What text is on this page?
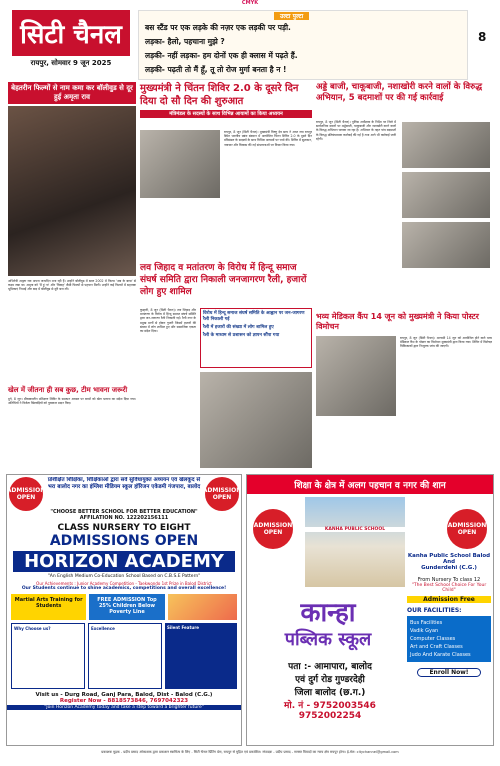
CMYK
सिटी चैनल
रायपुर, सोमवार 9 जून 2025
उल्टा पुल्टा
बस स्टैंड पर एक लड़के की नज़र एक लड़की पर पड़ी.
लड़का- हैलो, पहचाना मुझे ?
लड़की- नहीं लड़का- हम दोनों एक ही क्लास में पढ़ते हैं.
लड़की- पढ़ती तो मैं हूँ, तू तो रोज मुर्गा बनता है न !
8
बेहतरीन फिल्मों से नाम कमा कर बॉलीवुड से दूर हुई अमृता राव
अभिनेत्री अमृता राव अपना जन्मदिन मना रही हैं। उन्होंने बॉलीवुड में साल 2002 में फिल्म 'अब के बरस' से कदम रखा था। अमृता को 'मैं हूं ना' और 'विवाह' जैसी फिल्मों से पहचान मिली। उन्होंने कई फिल्मों में सहायक भूमिकाएं निभाईं और बाद में बॉलीवुड से दूरी बना ली।
खेल में जीतना ही सब कुछ, टीम भावना जरूरी
दुर्ग, 8 जून। ग्रीष्मकालीन प्रशिक्षण शिविर के समापन अवसर पर बच्चों को खेल भावना का संदेश दिया गया। अतिथियों ने विजेता खिलाड़ियों को पुरस्कार प्रदान किए।
मुख्यमंत्री ने चिंतन शिविर 2.0 के दूसरे दिन दिया दो सौ दिन की शुरुआत
मंत्रिमंडल के सदस्यों के साथ विभिन्न आयामों का किया अध्ययन
रायपुर, 8 जून (सिटी चैनल)। मुख्यमंत्री विष्णु देव साय ने आज नवा रायपुर स्थित भारतीय प्रबंध संस्थान में आयोजित चिंतन शिविर 2.0 के दूसरे दिन मंत्रिमंडल के सदस्यों के साथ विभिन्न आयामों पर चर्चा की। शिविर में सुशासन, नवाचार और विकास की नई संभावनाओं पर विचार किया गया।
अड्डे बाजी, चाकूबाजी, नशाखोरी करने वालों के विरुद्ध अभियान, 5 बदमाशों पर की गई कार्रवाई
रायपुर, 8 जून (सिटी चैनल)। पुलिस अधीक्षक के निर्देश पर जिले में सार्वजनिक स्थानों पर अड्डेबाजी, चाकूबाजी और नशाखोरी करने वालों के विरुद्ध अभियान चलाया जा रहा है। अभियान के तहत पांच बदमाशों के विरुद्ध प्रतिबंधात्मक कार्रवाई की गई है तथा आगे भी कार्रवाई जारी रहेगी।
लव जिहाद व मतांतरण के विरोध में हिन्दू समाज संघर्ष समिति द्वारा निकाली जनजागरण रैली, हजारों लोग हुए शामिल
कुम्हारी, 8 जून (सिटी चैनल)। लव जिहाद और मतांतरण के विरोध में हिन्दू समाज संघर्ष समिति द्वारा जन-जागरण रैली निकाली गई। रैली नगर के प्रमुख मार्गों से होकर गुजरी जिसमें हजारों की संख्या में लोग शामिल हुए और सामाजिक एकता का संदेश दिया।
विरोध में हिन्दू समाज संघर्ष समिति के आह्वान पर जन-जागरण रैली निकाली गई
रैली में हजारों की संख्या में लोग शामिल हुए
रैली के माध्यम से प्रशासन को ज्ञापन सौंपा गया
भव्य मेडिकल कैंप 14 जून को मुख्यमंत्री ने किया पोस्टर विमोचन
रायपुर, 8 जून (सिटी चैनल)। आगामी 14 जून को आयोजित होने वाले भव्य मेडिकल कैंप के पोस्टर का विमोचन मुख्यमंत्री द्वारा किया गया। शिविर में विशेषज्ञ चिकित्सकों द्वारा निःशुल्क जांच की जाएगी।
प्रशिक्षित शिक्षिका, शिक्षिकाओं द्वारा सर्व सुविधायुक्त अध्ययन एवं खेलकूद से भरा बालोद नगर का इंग्लिश मीडियम स्कूल हॉरिजन एकेडमी गंजपारा, बालोद
ADMISSION OPEN
ADMISSION OPEN
"CHOOSE BETTER SCHOOL FOR BETTER EDUCATION"
AFFILATION NO. 122202156111
CLASS NURSERY TO EIGHT
ADMISSIONS OPEN
HORIZON ACADEMY
"An English Medium Co-Education School Based on C.B.S.E Pattern"
Our Achievements : Junior Academy Competition - Taekwondo 1st Prize in Balod District
Our Students continue to shine academics, competitions and overall excellence!
Martial Arts Training for Students
FREE ADMISSION Top 25% Children Below Poverty Line
Why Choose us?	Excellence	Silent Feature
Visit us - Durg Road, Ganj Para, Balod, Dist - Balod (C.G.)
Register Now - 8818573846, 7697042323
"Join Horizon Academy today and take a step toward a brighter future"
शिक्षा के क्षेत्र में अलग पहचान व नगर की शान
ADMISSION OPEN
ADMISSION OPEN
KANHA PUBLIC SCHOOL
कान्हा
पब्लिक स्कूल
पता :- आमापारा, बालोद
एवं दुर्ग रोड गुण्डरदेही
जिला बालोद (छ.ग.)
मो. नं - 9752003546
9752002254
Kanha Public School Balod And
Gunderdehi (C.G.)
From Nursery To class 12
"The Best School Choice For Your Child"
Admission Free
OUR FACILITIES:
Bus Facilities
Vadik Gyan
Computer Classes
Art and Craft Classes
Judo And Karate Classes
Enroll Now!
प्रकाशक मुद्रक - प्रदीप प्रसाद ओकाशक द्वारा प्रकाशन स्वामित्व के लिए - सिटी चैनल प्रिंटिंग प्रेस, रायपुर से मुद्रित एवं प्रकाशित। संपादक - प्रदीप प्रसाद - समस्त विवादों का न्याय क्षेत्र रायपुर होगा। ई-मेल: citychannel@gmail.com
